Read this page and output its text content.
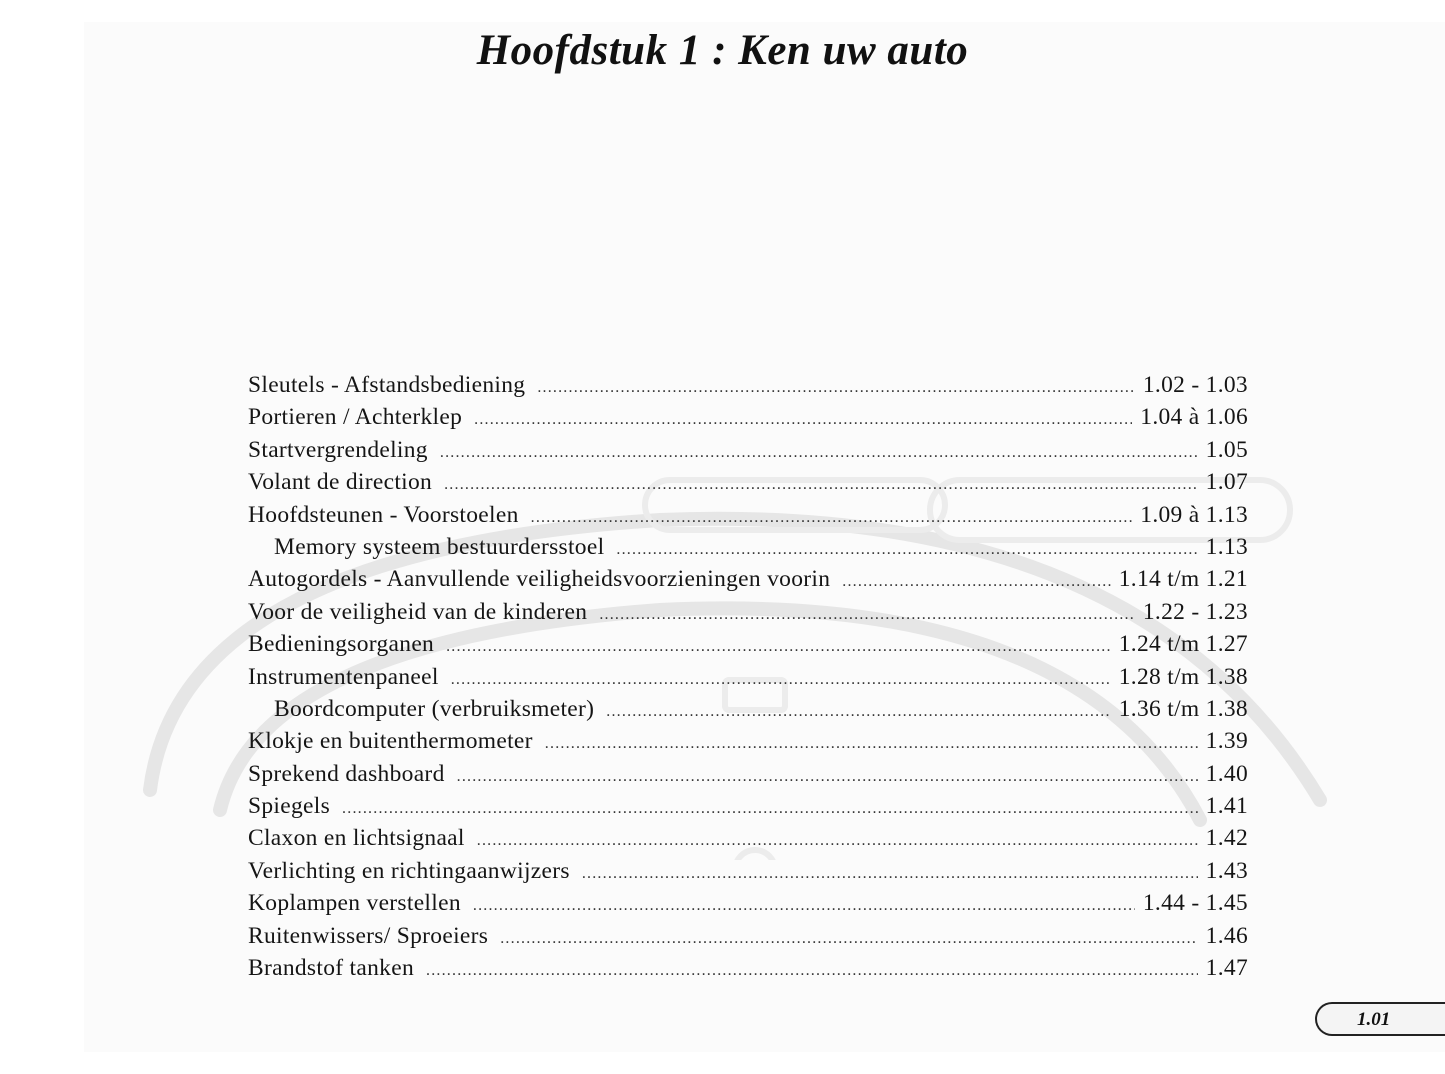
Hoofdstuk 1 : Ken uw auto
Sleutels - Afstandsbediening .....	1.02 - 1.03
Portieren / Achterklep .....	1.04 à 1.06
Startvergrendeling .....	1.05
Volant de direction .....	1.07
Hoofdsteunen - Voorstoelen .....	1.09 à 1.13
Memory systeem bestuurdersstoel .....	1.13
Autogordels - Aanvullende veiligheidsvoorzieningen voorin .....	1.14 t/m 1.21
Voor de veiligheid van de kinderen .....	1.22 - 1.23
Bedieningsorganen .....	1.24 t/m 1.27
Instrumentenpaneel .....	1.28 t/m 1.38
Boordcomputer (verbruiksmeter) .....	1.36 t/m 1.38
Klokje en buitenthermometer .....	1.39
Sprekend dashboard .....	1.40
Spiegels .....	1.41
Claxon en lichtsignaal .....	1.42
Verlichting en richtingaanwijzers .....	1.43
Koplampen verstellen .....	1.44 - 1.45
Ruitenwissers/ Sproeiers .....	1.46
Brandstof tanken .....	1.47
1.01
